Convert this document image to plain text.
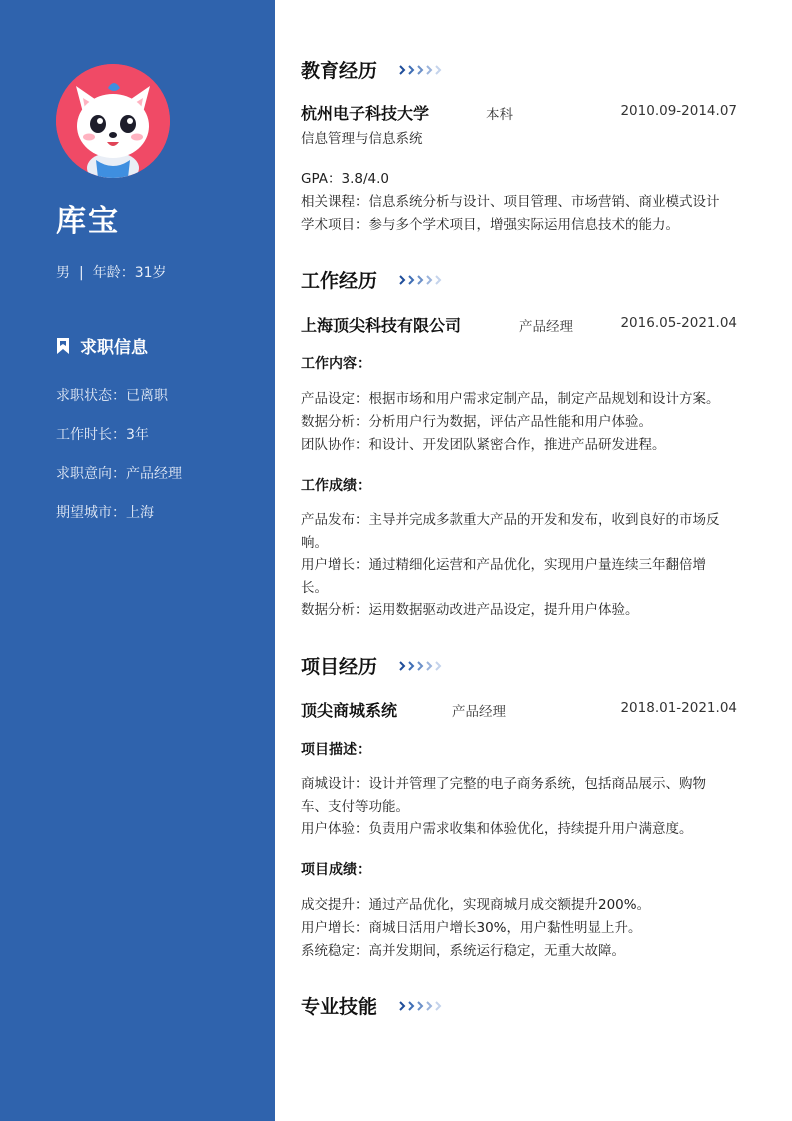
库宝
男 | 年龄：31岁
求职信息
求职状态：已离职
工作时长：3年
求职意向：产品经理
期望城市：上海
教育经历
杭州电子科技大学	本科	2010.09-2014.07
信息管理与信息系统
GPA：3.8/4.0
相关课程：信息系统分析与设计、项目管理、市场营销、商业模式设计
学术项目：参与多个学术项目，增强实际运用信息技术的能力。
工作经历
上海顶尖科技有限公司	产品经理	2016.05-2021.04
工作内容：
产品设定：根据市场和用户需求定制产品，制定产品规划和设计方案。
数据分析：分析用户行为数据，评估产品性能和用户体验。
团队协作：和设计、开发团队紧密合作，推进产品研发进程。
工作成绩：
产品发布：主导并完成多款重大产品的开发和发布，收到良好的市场反
响。
用户增长：通过精细化运营和产品优化，实现用户量连续三年翻倍增
长。
数据分析：运用数据驱动改进产品设定，提升用户体验。
项目经历
顶尖商城系统	产品经理	2018.01-2021.04
项目描述：
商城设计：设计并管理了完整的电子商务系统，包括商品展示、购物
车、支付等功能。
用户体验：负责用户需求收集和体验优化，持续提升用户满意度。
项目成绩：
成交提升：通过产品优化，实现商城月成交额提升200%。
用户增长：商城日活用户增长30%，用户黏性明显上升。
系统稳定：高并发期间，系统运行稳定，无重大故障。
专业技能
